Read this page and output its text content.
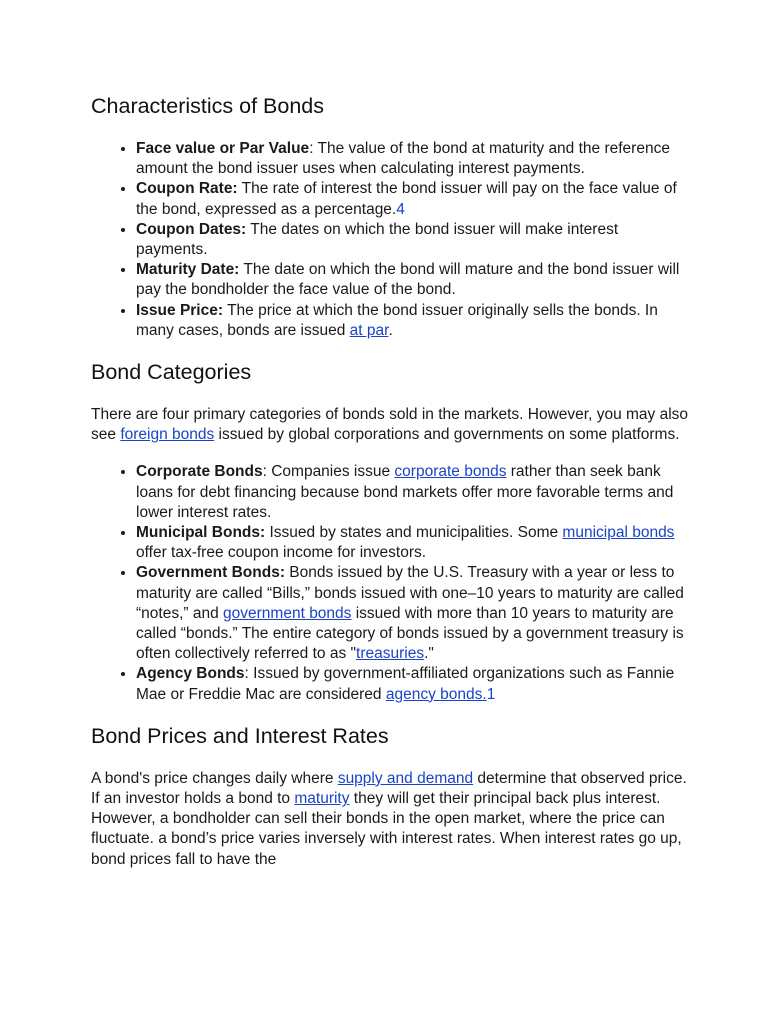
Characteristics of Bonds
• Face value or Par Value: The value of the bond at maturity and the reference amount the bond issuer uses when calculating interest payments.
• Coupon Rate: The rate of interest the bond issuer will pay on the face value of the bond, expressed as a percentage.4
• Coupon Dates: The dates on which the bond issuer will make interest payments.
• Maturity Date: The date on which the bond will mature and the bond issuer will pay the bondholder the face value of the bond.
• Issue Price: The price at which the bond issuer originally sells the bonds. In many cases, bonds are issued at par.
Bond Categories

There are four primary categories of bonds sold in the markets. However, you may also see foreign bonds issued by global corporations and governments on some platforms.

• Corporate Bonds: Companies issue corporate bonds rather than seek bank loans for debt financing because bond markets offer more favorable terms and lower interest rates.
• Municipal Bonds: Issued by states and municipalities. Some municipal bonds offer tax-free coupon income for investors.
• Government Bonds: Bonds issued by the U.S. Treasury with a year or less to maturity are called “Bills,” bonds issued with one–10 years to maturity are called “notes,” and government bonds issued with more than 10 years to maturity are called “bonds.” The entire category of bonds issued by a government treasury is often collectively referred to as "treasuries."
• Agency Bonds: Issued by government-affiliated organizations such as Fannie Mae or Freddie Mac are considered agency bonds.1
Bond Prices and Interest Rates

A bond's price changes daily where supply and demand determine that observed price. If an investor holds a bond to maturity they will get their principal back plus interest. However, a bondholder can sell their bonds in the open market, where the price can fluctuate. a bond’s price varies inversely with interest rates. When interest rates go up, bond prices fall to have the
